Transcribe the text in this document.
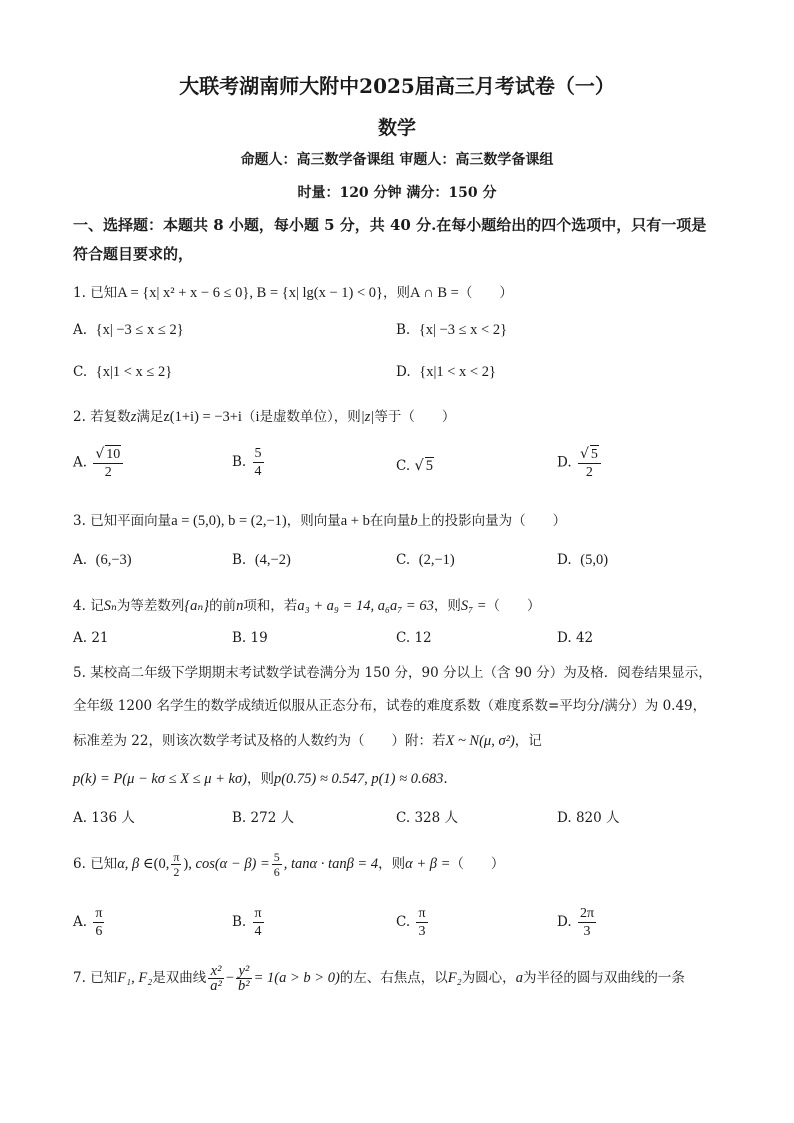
大联考湖南师大附中2025届高三月考试卷（一）
数学
命题人：高三数学备课组 审题人：高三数学备课组
时量：120 分钟 满分：150 分
一、选择题：本题共 8 小题，每小题 5 分，共 40 分.在每小题给出的四个选项中，只有一项是
符合题目要求的，
1. 已知A = {x| x² + x − 6 ≤ 0}, B = {x| lg(x − 1) < 0}，则A ∩ B =（　　）
A. {x| −3 ≤ x ≤ 2}	B. {x| −3 ≤ x < 2}
C. {x|1 < x ≤ 2}	D. {x|1 < x < 2}
2. 若复数z满足z(1+i) = −3+i（i是虚数单位），则|z|等于（　　）
A. $\frac{√ 10}{2}$	B. $\frac{5}{4}$	C. √ 5	D. $\frac{√ 5}{2}$
3. 已知平面向量a = (5,0), b = (2,−1)，则向量a + b在向量b上的投影向量为（　　）
A. (6,−3)	B. (4,−2)	C. (2,−1)	D. (5,0)
4. 记Sₙ为等差数列{aₙ}的前n项和，若a₃ + a₉ = 14, a₆a₇ = 63，则S₇ =（　　）
A. 21	B. 19	C. 12	D. 42
5. 某校高二年级下学期期末考试数学试卷满分为 150 分，90 分以上（含 90 分）为及格．阅卷结果显示，
全年级 1200 名学生的数学成绩近似服从正态分布，试卷的难度系数（难度系数=平均分/满分）为 0.49，
标准差为 22，则该次数学考试及格的人数约为（　　）附：若X ~ N(μ, σ²)，记
p(k) = P(μ − kσ ≤ X ≤ μ + kσ)，则p(0.75) ≈ 0.547, p(1) ≈ 0.683.
A. 136 人	B. 272 人	C. 328 人	D. 820 人
6. 已知α, β ∈(0, $\frac{\pi}{2}$ ), $\cos(\alpha - \beta) = \frac{5}{6}$ , tanα · tanβ = 4，则α + β =（　　）
A. $\frac{\pi}{6}$	B. $\frac{\pi}{4}$	C. $\frac{\pi}{3}$	D. $\frac{2\pi}{3}$
7. 已知F₁, F₂是双曲线 $\frac{\text{x²}}{\text{a²}} - \frac{\text{y²}}{\text{b²}} = 1(a > b > 0)$的左、右焦点，以F₂为圆心，a为半径的圆与双曲线的一条
